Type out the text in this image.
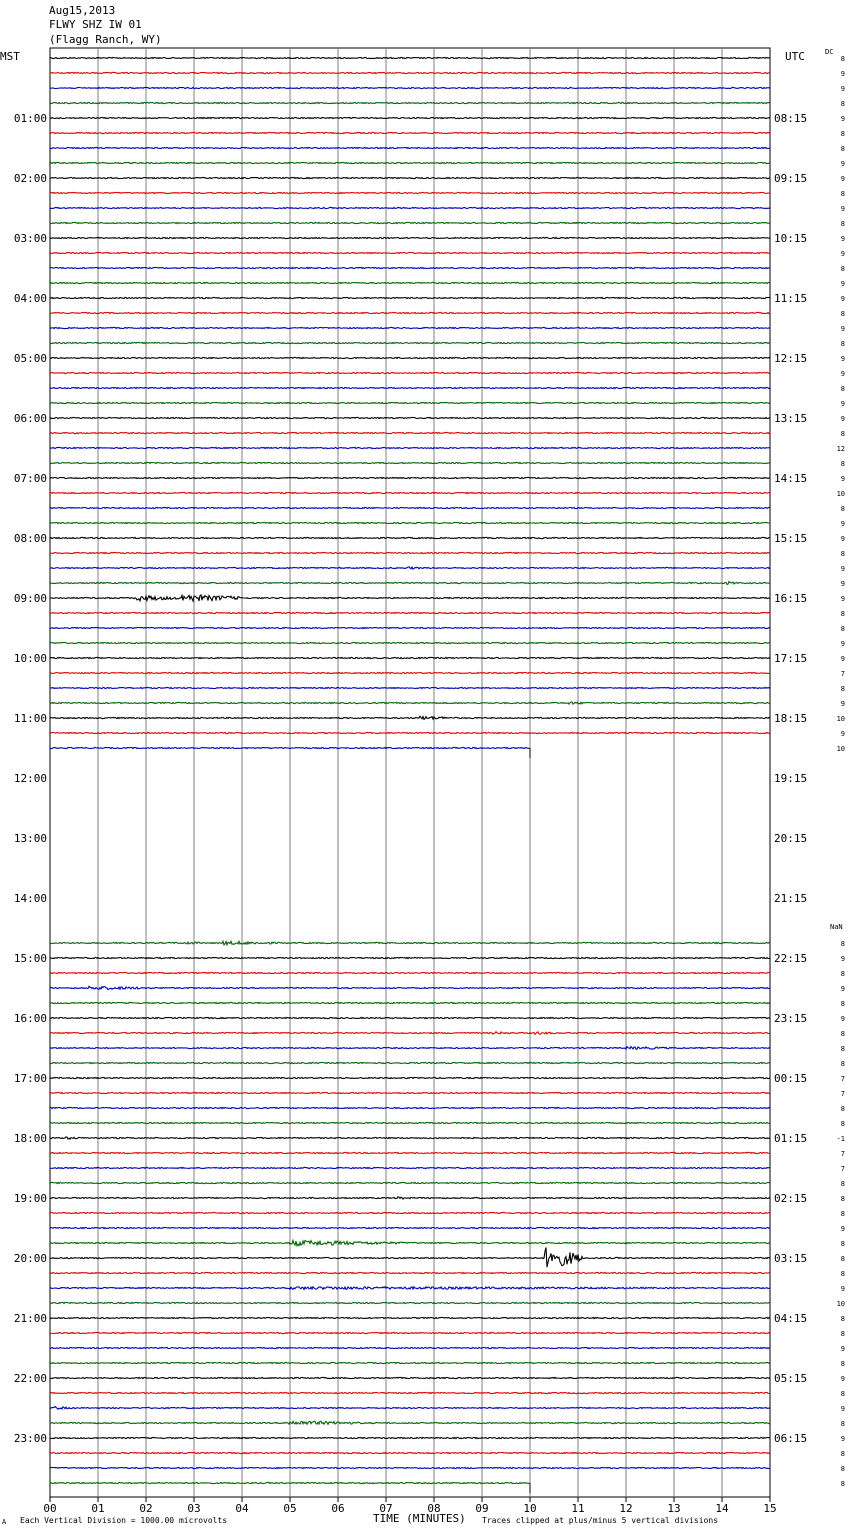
00	01	02	03	04	05	06	07	08	09	10	11	12	13	14	15
01:00	08:15
02:00	09:15
03:00	10:15
04:00	11:15
05:00	12:15
06:00	13:15
07:00	14:15
08:00	15:15
09:00	16:15
10:00	17:15
11:00	18:15
12:00	19:15
13:00	20:15
14:00	21:15
15:00	22:15
16:00	23:15
17:00	00:15
18:00	01:15
19:00	02:15
20:00	03:15
21:00	04:15
22:00	05:15
23:00	06:15
8
9
9
8
9
8
8
9
9
8
9
8
9
9
8
9
9
8
9
8
9
9
8
9
9
8
12
8
9
10
8
9
9
8
9
9
9
8
8
9
9
7
8
9
10
9
10
8
9
8
9
8
9
8
8
8
7
7
8
8
-1
7
7
8
8
8
9
8
8
8
9
10
8
8
9
8
9
8
9
8
9
8
8
8
Aug15,2013
FLWY SHZ IW 01
(Flagg Ranch, WY)
MST	UTC	DC
NaN
TIME (MINUTES)
A Each Vertical Division = 1000.00 microvolts	Traces clipped at plus/minus 5 vertical divisions
